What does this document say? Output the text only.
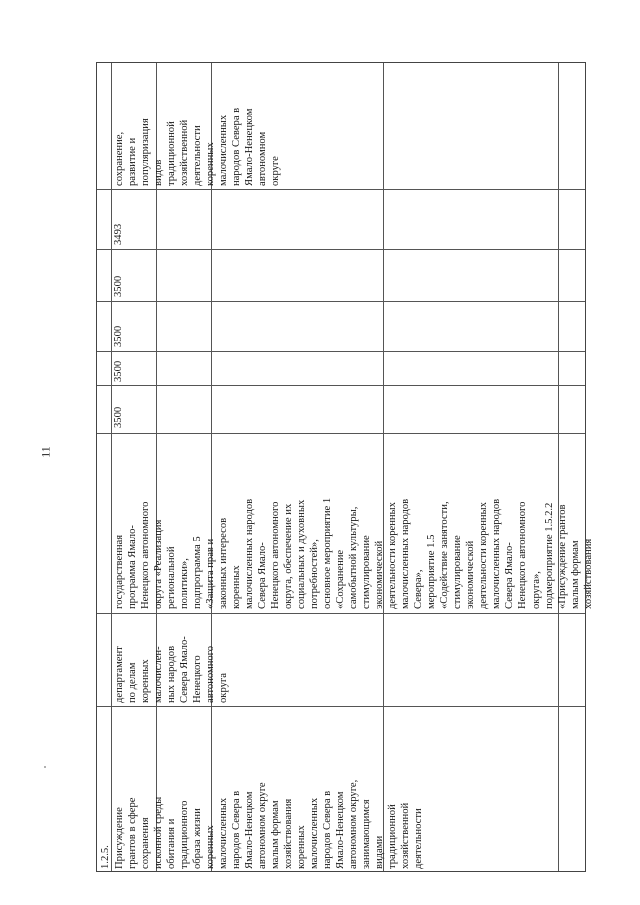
11
1.2.5. Присуждение
грантов в сфере
сохранения
исконной среды
обитания и
традиционного
образа жизни
коренных
малочисленных
народов Севера в
Ямало-Ненецком
автономном округе
малым формам
хозяйствования
коренных
малочисленных
народов Севера в
Ямало-Ненецком
автономном округе,
занимающимся
видами
традиционной
хозяйственной
деятельности
департамент
по делам
коренных
малочислен-
ных народов
Севера Ямало-
Ненецкого
автономного
округа
государственная
программа Ямало-
Ненецкого автономного
округа «Реализация
региональной
политики»,
подпрограмма 5
«Защита прав и
законных интересов
коренных
малочисленных народов
Севера Ямало-
Ненецкого автономного
округа, обеспечение их
социальных и духовных
потребностей»,
основное мероприятие 1
«Сохранение
самобытной культуры,
стимулирование
экономической
деятельности коренных
малочисленных народов
Севера»,
мероприятие 1.5
«Содействие занятости,
стимулирование
экономической
деятельности коренных
малочисленных народов
Севера Ямало-
Ненецкого автономного
округа»,
подмероприятие 1.5.2.2
«Присуждение грантов
малым формам
хозяйствования
3500
3500
3500
3500
3493
сохранение,
развитие и
популяризация
видов
традиционной
хозяйственной
деятельности
коренных
малочисленных
народов Севера в
Ямало-Ненецком
автономном
округе
